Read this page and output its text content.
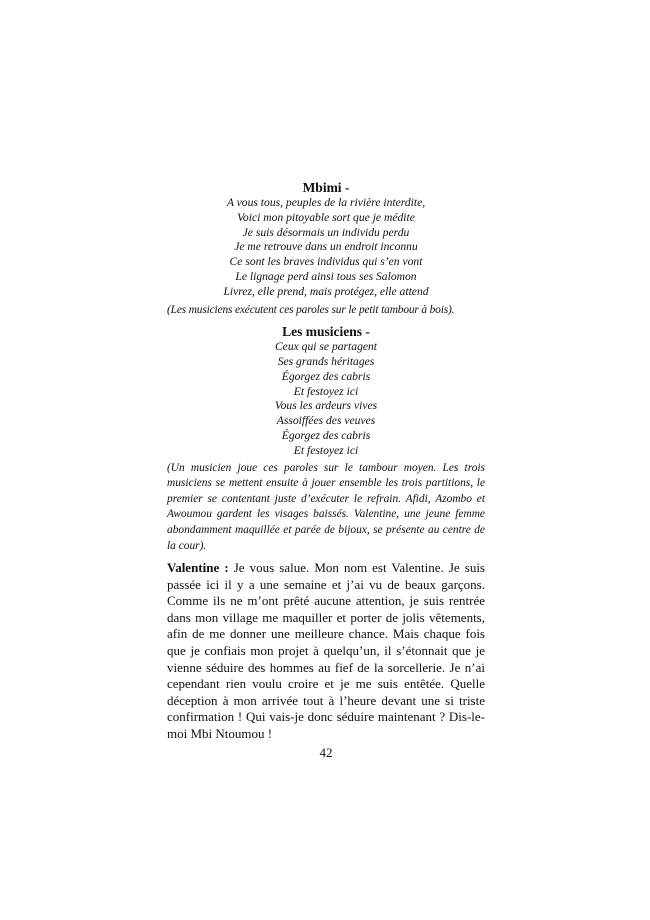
Mbimi -

A vous tous, peuples de la rivière interdite,
Voici mon pitoyable sort que je médite
Je suis désormais un individu perdu
Je me retrouve dans un endroit inconnu
Ce sont les braves individus qui s’en vont
Le lignage perd ainsi tous ses Salomon
Livrez, elle prend, mais protégez, elle attend

(Les musiciens exécutent ces paroles sur le petit tambour à bois).

Les musiciens -

Ceux qui se partagent
Ses grands héritages
Égorgez des cabris
Et festoyez ici
Vous les ardeurs vives
Assoiffées des veuves
Égorgez des cabris
Et festoyez ici

(Un musicien joue ces paroles sur le tambour moyen. Les trois musiciens se mettent ensuite à jouer ensemble les trois partitions, le premier se contentant juste d’exécuter le refrain. Afidi, Azombo et Awoumou gardent les visages baissés. Valentine, une jeune femme abondamment maquillée et parée de bijoux, se présente au centre de la cour).

Valentine : Je vous salue. Mon nom est Valentine. Je suis passée ici il y a une semaine et j’ai vu de beaux garçons. Comme ils ne m’ont prêté aucune attention, je suis rentrée dans mon village me maquiller et porter de jolis vêtements, afin de me donner une meilleure chance. Mais chaque fois que je confiais mon projet à quelqu’un, il s’étonnait que je vienne séduire des hommes au fief de la sorcellerie. Je n’ai cependant rien voulu croire et je me suis entêtée. Quelle déception à mon arrivée tout à l’heure devant une si triste confirmation ! Qui vais-je donc séduire maintenant ? Dis-le-moi Mbi Ntoumou !

42
